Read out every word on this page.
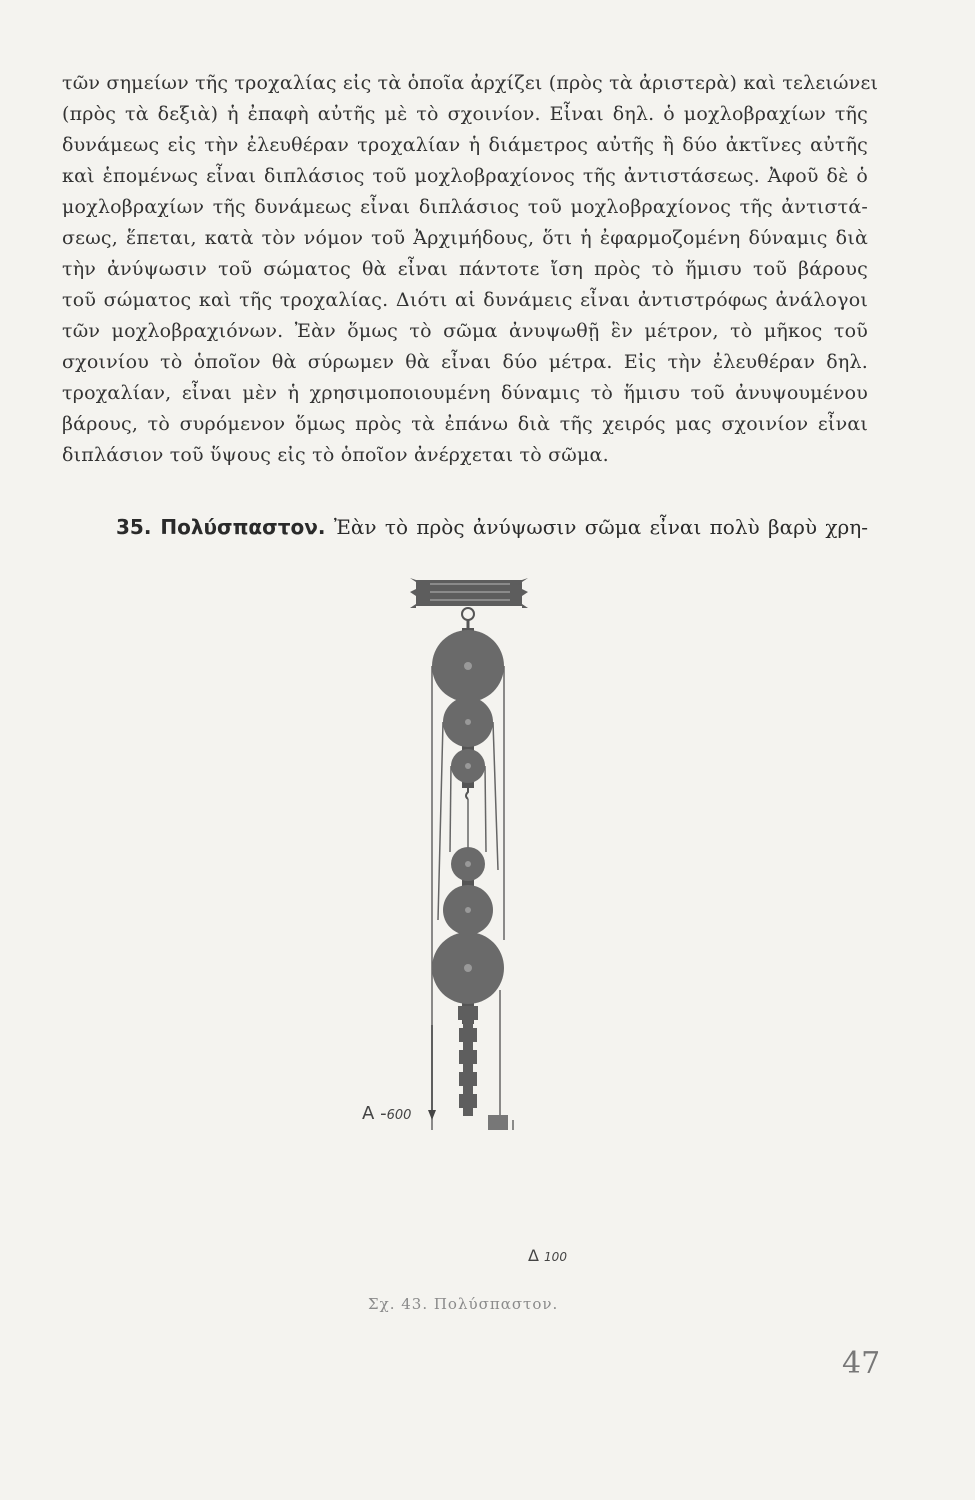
τῶν σημείων τῆς τροχαλίας εἰς τὰ ὁποῖα ἀρχίζει (πρὸς τὰ ἀριστερὰ) καὶ τελειώνει
(πρὸς τὰ δεξιὰ) ἡ ἐπαφὴ αὐτῆς μὲ τὸ σχοινίον. Εἶναι δηλ. ὁ μοχλοβραχίων τῆς
δυνάμεως εἰς τὴν ἐλευθέραν τροχαλίαν ἡ διάμετρος αὐτῆς ἢ δύο ἀκτῖνες αὐτῆς
καὶ ἑπομένως εἶναι διπλάσιος τοῦ μοχλοβραχίονος τῆς ἀντιστάσεως. Ἀφοῦ δὲ ὁ
μοχλοβραχίων τῆς δυνάμεως εἶναι διπλάσιος τοῦ μοχλοβραχίονος τῆς ἀντιστά-
σεως, ἕπεται, κατὰ τὸν νόμον τοῦ Ἀρχιμήδους, ὅτι ἡ ἐφαρμοζομένη δύναμις διὰ
τὴν ἀνύψωσιν τοῦ σώματος θὰ εἶναι πάντοτε ἴση πρὸς τὸ ἥμισυ τοῦ βάρους
τοῦ σώματος καὶ τῆς τροχαλίας. Διότι αἱ δυνάμεις εἶναι ἀντιστρόφως ἀνάλογοι
τῶν μοχλοβραχιόνων. Ἐὰν ὅμως τὸ σῶμα ἀνυψωθῇ ἓν μέτρον, τὸ μῆκος τοῦ
σχοινίου τὸ ὁποῖον θὰ σύρωμεν θὰ εἶναι δύο μέτρα. Εἰς τὴν ἐλευθέραν δηλ.
τροχαλίαν, εἶναι μὲν ἡ χρησιμοποιουμένη δύναμις τὸ ἥμισυ τοῦ ἀνυψουμένου
βάρους, τὸ συρόμενον ὅμως πρὸς τὰ ἐπάνω διὰ τῆς χειρός μας σχοινίον εἶναι
διπλάσιον τοῦ ὕψους εἰς τὸ ὁποῖον ἀνέρχεται τὸ σῶμα.
35. Πολύσπαστον. Ἐὰν τὸ πρὸς ἀνύψωσιν σῶμα εἶναι πολὺ βαρὺ χρη-
A -600
Δ 100
Σχ. 43. Πολύσπαστον.
47
